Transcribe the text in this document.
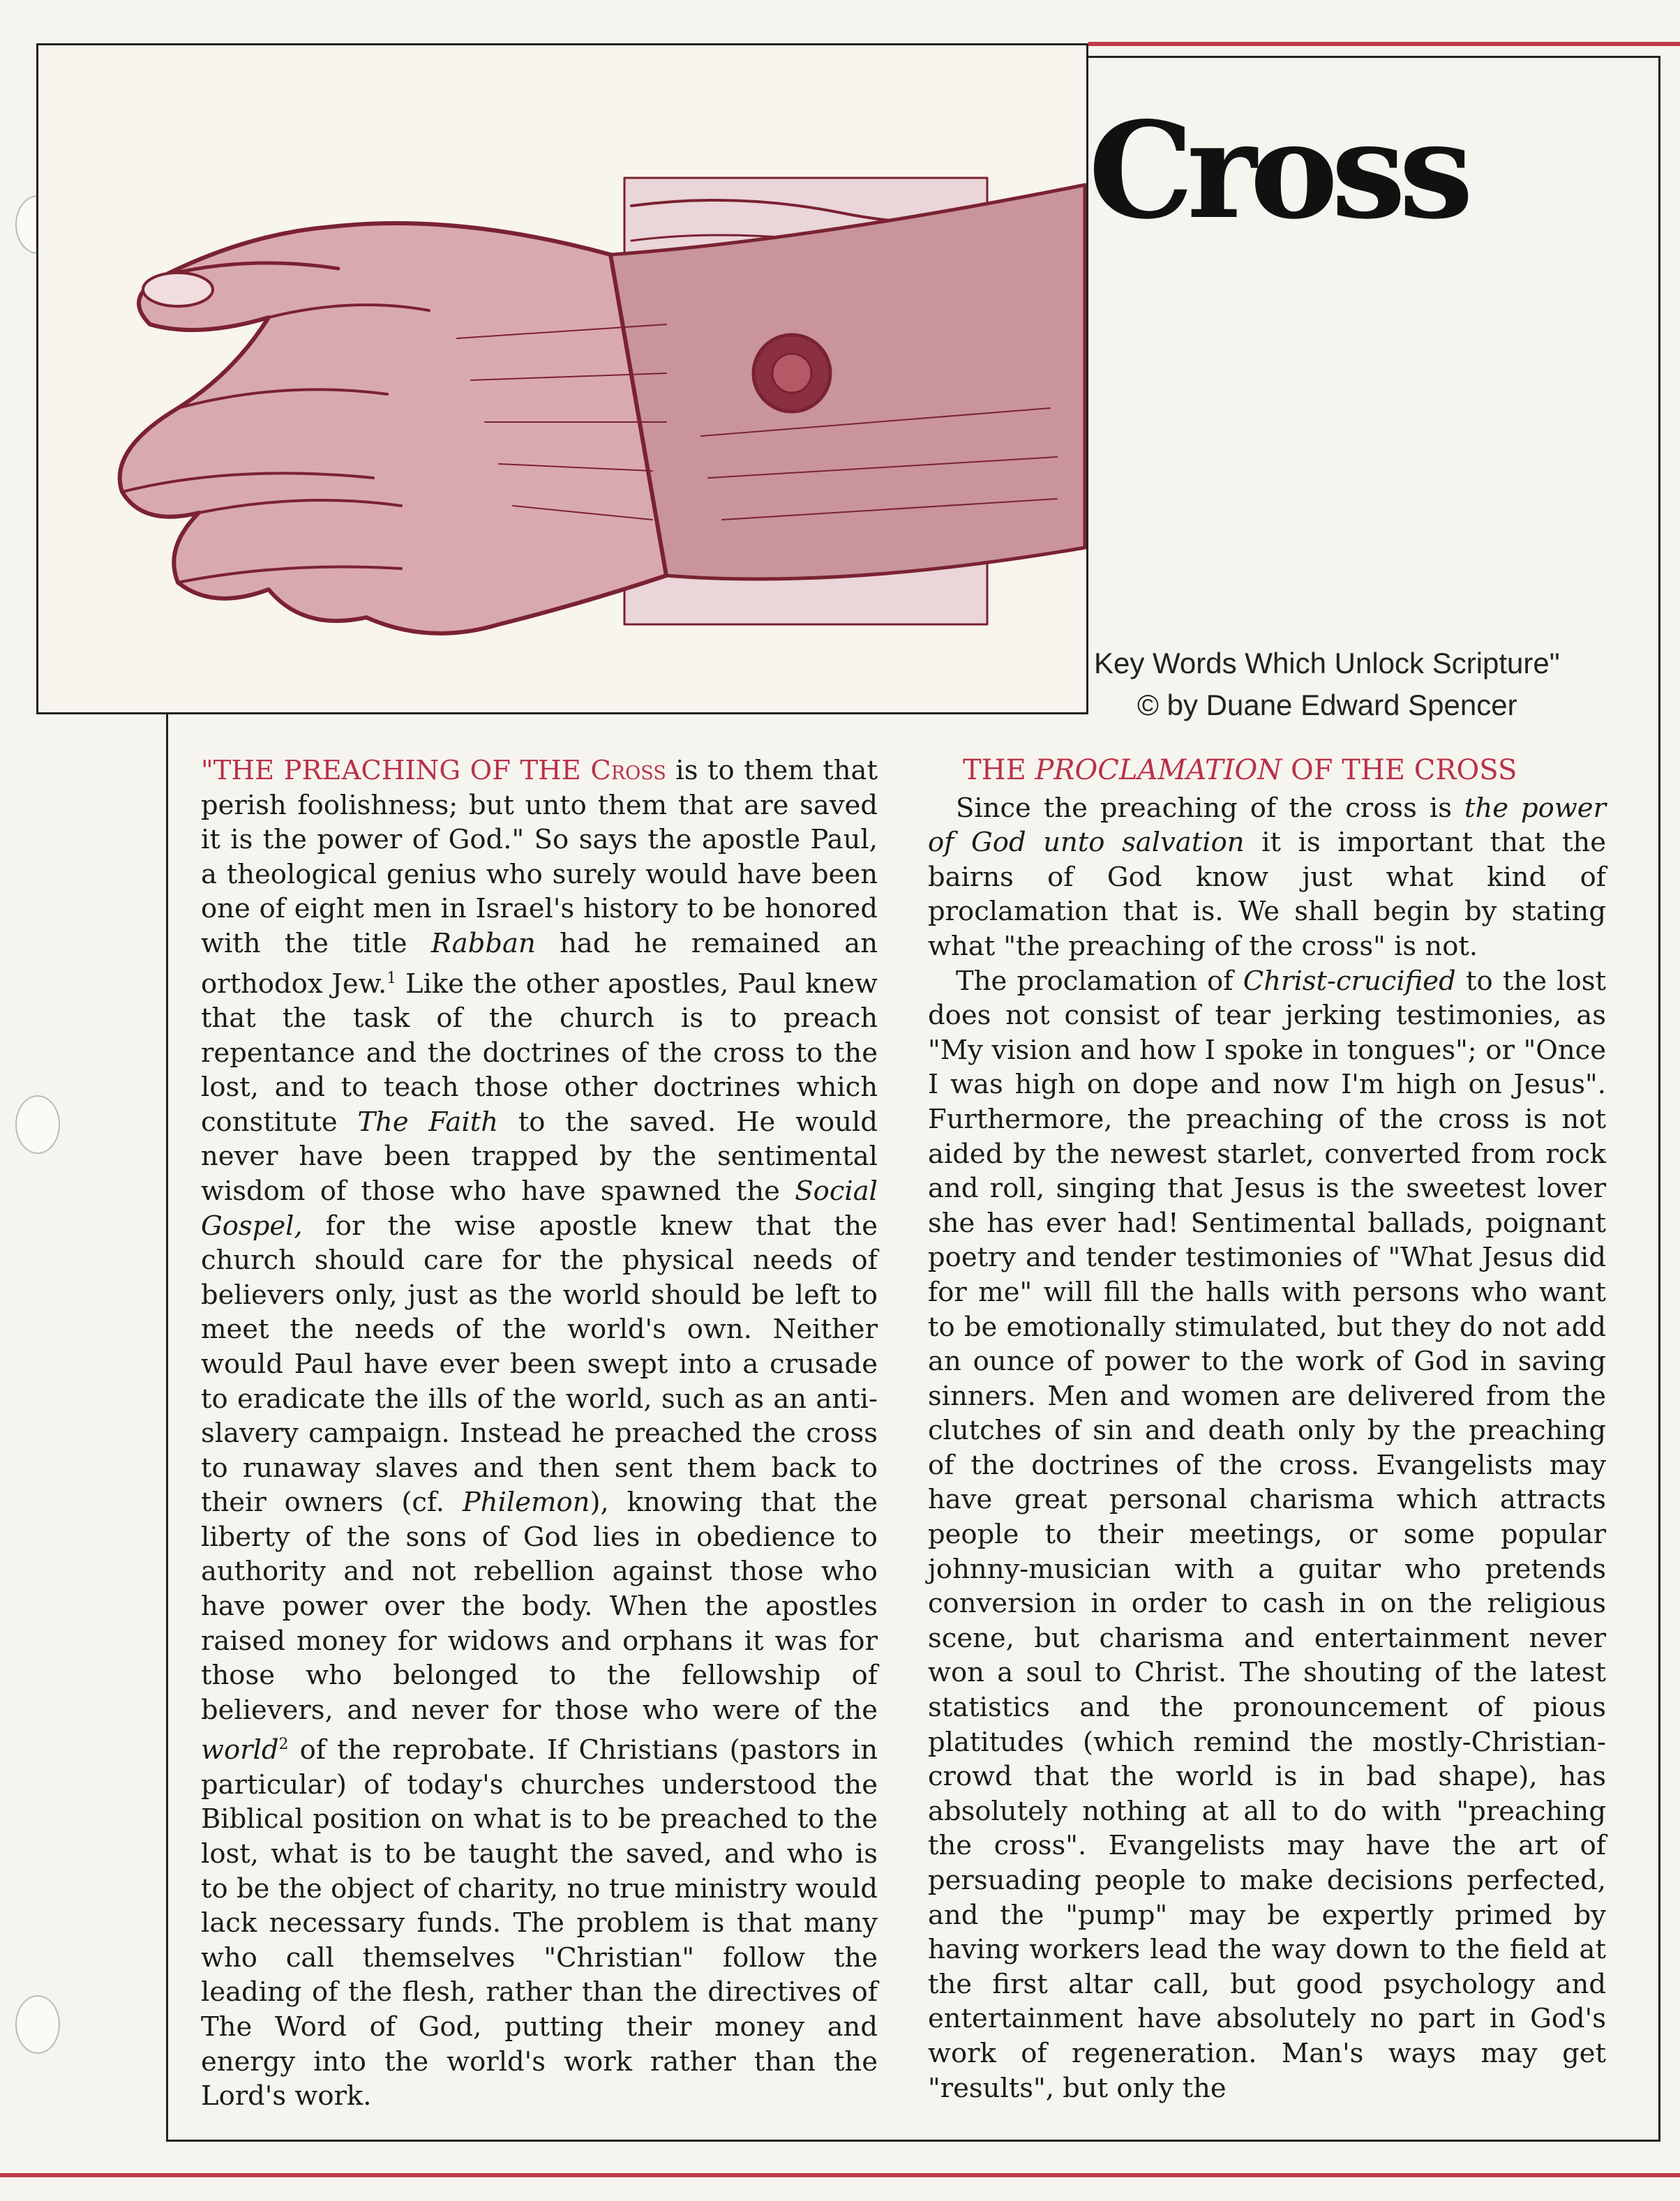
Cross
Key Words Which Unlock Scripture"
© by Duane Edward Spencer

"THE PREACHING OF THE Cross is to them that perish foolishness; but unto them that are saved it is the power of God." So says the apostle Paul, a theological genius who surely would have been one of eight men in Israel's history to be honored with the title Rabban had he remained an orthodox Jew.$^1$ Like the other apostles, Paul knew that the task of the church is to preach repentance and the doctrines of the cross to the lost, and to teach those other doctrines which constitute The Faith to the saved. He would never have been trapped by the sentimental wisdom of those who have spawned the Social Gospel, for the wise apostle knew that the church should care for the physical needs of believers only, just as the world should be left to meet the needs of the world's own. Neither would Paul have ever been swept into a crusade to eradicate the ills of the world, such as an anti-slavery campaign. Instead he preached the cross to runaway slaves and then sent them back to their owners (cf. Philemon), knowing that the liberty of the sons of God lies in obedience to authority and not rebellion against those who have power over the body. When the apostles raised money for widows and orphans it was for those who belonged to the fellowship of believers, and never for those who were of the world$^2$ of the reprobate. If Christians (pastors in particular) of today's churches understood the Biblical position on what is to be preached to the lost, what is to be taught the saved, and who is to be the object of charity, no true ministry would lack necessary funds. The problem is that many who call themselves "Christian" follow the leading of the flesh, rather than the directives of The Word of God, putting their money and energy into the world's work rather than the Lord's work.

THE PROCLAMATION OF THE CROSS

Since the preaching of the cross is the power of God unto salvation it is important that the bairns of God know just what kind of proclamation that is. We shall begin by stating what "the preaching of the cross" is not.

The proclamation of Christ-crucified to the lost does not consist of tear jerking testimonies, as "My vision and how I spoke in tongues"; or "Once I was high on dope and now I'm high on Jesus". Furthermore, the preaching of the cross is not aided by the newest starlet, converted from rock and roll, singing that Jesus is the sweetest lover she has ever had! Sentimental ballads, poignant poetry and tender testimonies of "What Jesus did for me" will fill the halls with persons who want to be emotionally stimulated, but they do not add an ounce of power to the work of God in saving sinners. Men and women are delivered from the clutches of sin and death only by the preaching of the doctrines of the cross. Evangelists may have great personal charisma which attracts people to their meetings, or some popular johnny-musician with a guitar who pretends conversion in order to cash in on the religious scene, but charisma and entertainment never won a soul to Christ. The shouting of the latest statistics and the pronouncement of pious platitudes (which remind the mostly-Christian-crowd that the world is in bad shape), has absolutely nothing at all to do with "preaching the cross". Evangelists may have the art of persuading people to make decisions perfected, and the "pump" may be expertly primed by having workers lead the way down to the field at the first altar call, but good psychology and entertainment have absolutely no part in God's work of regeneration. Man's ways may get "results", but only the
